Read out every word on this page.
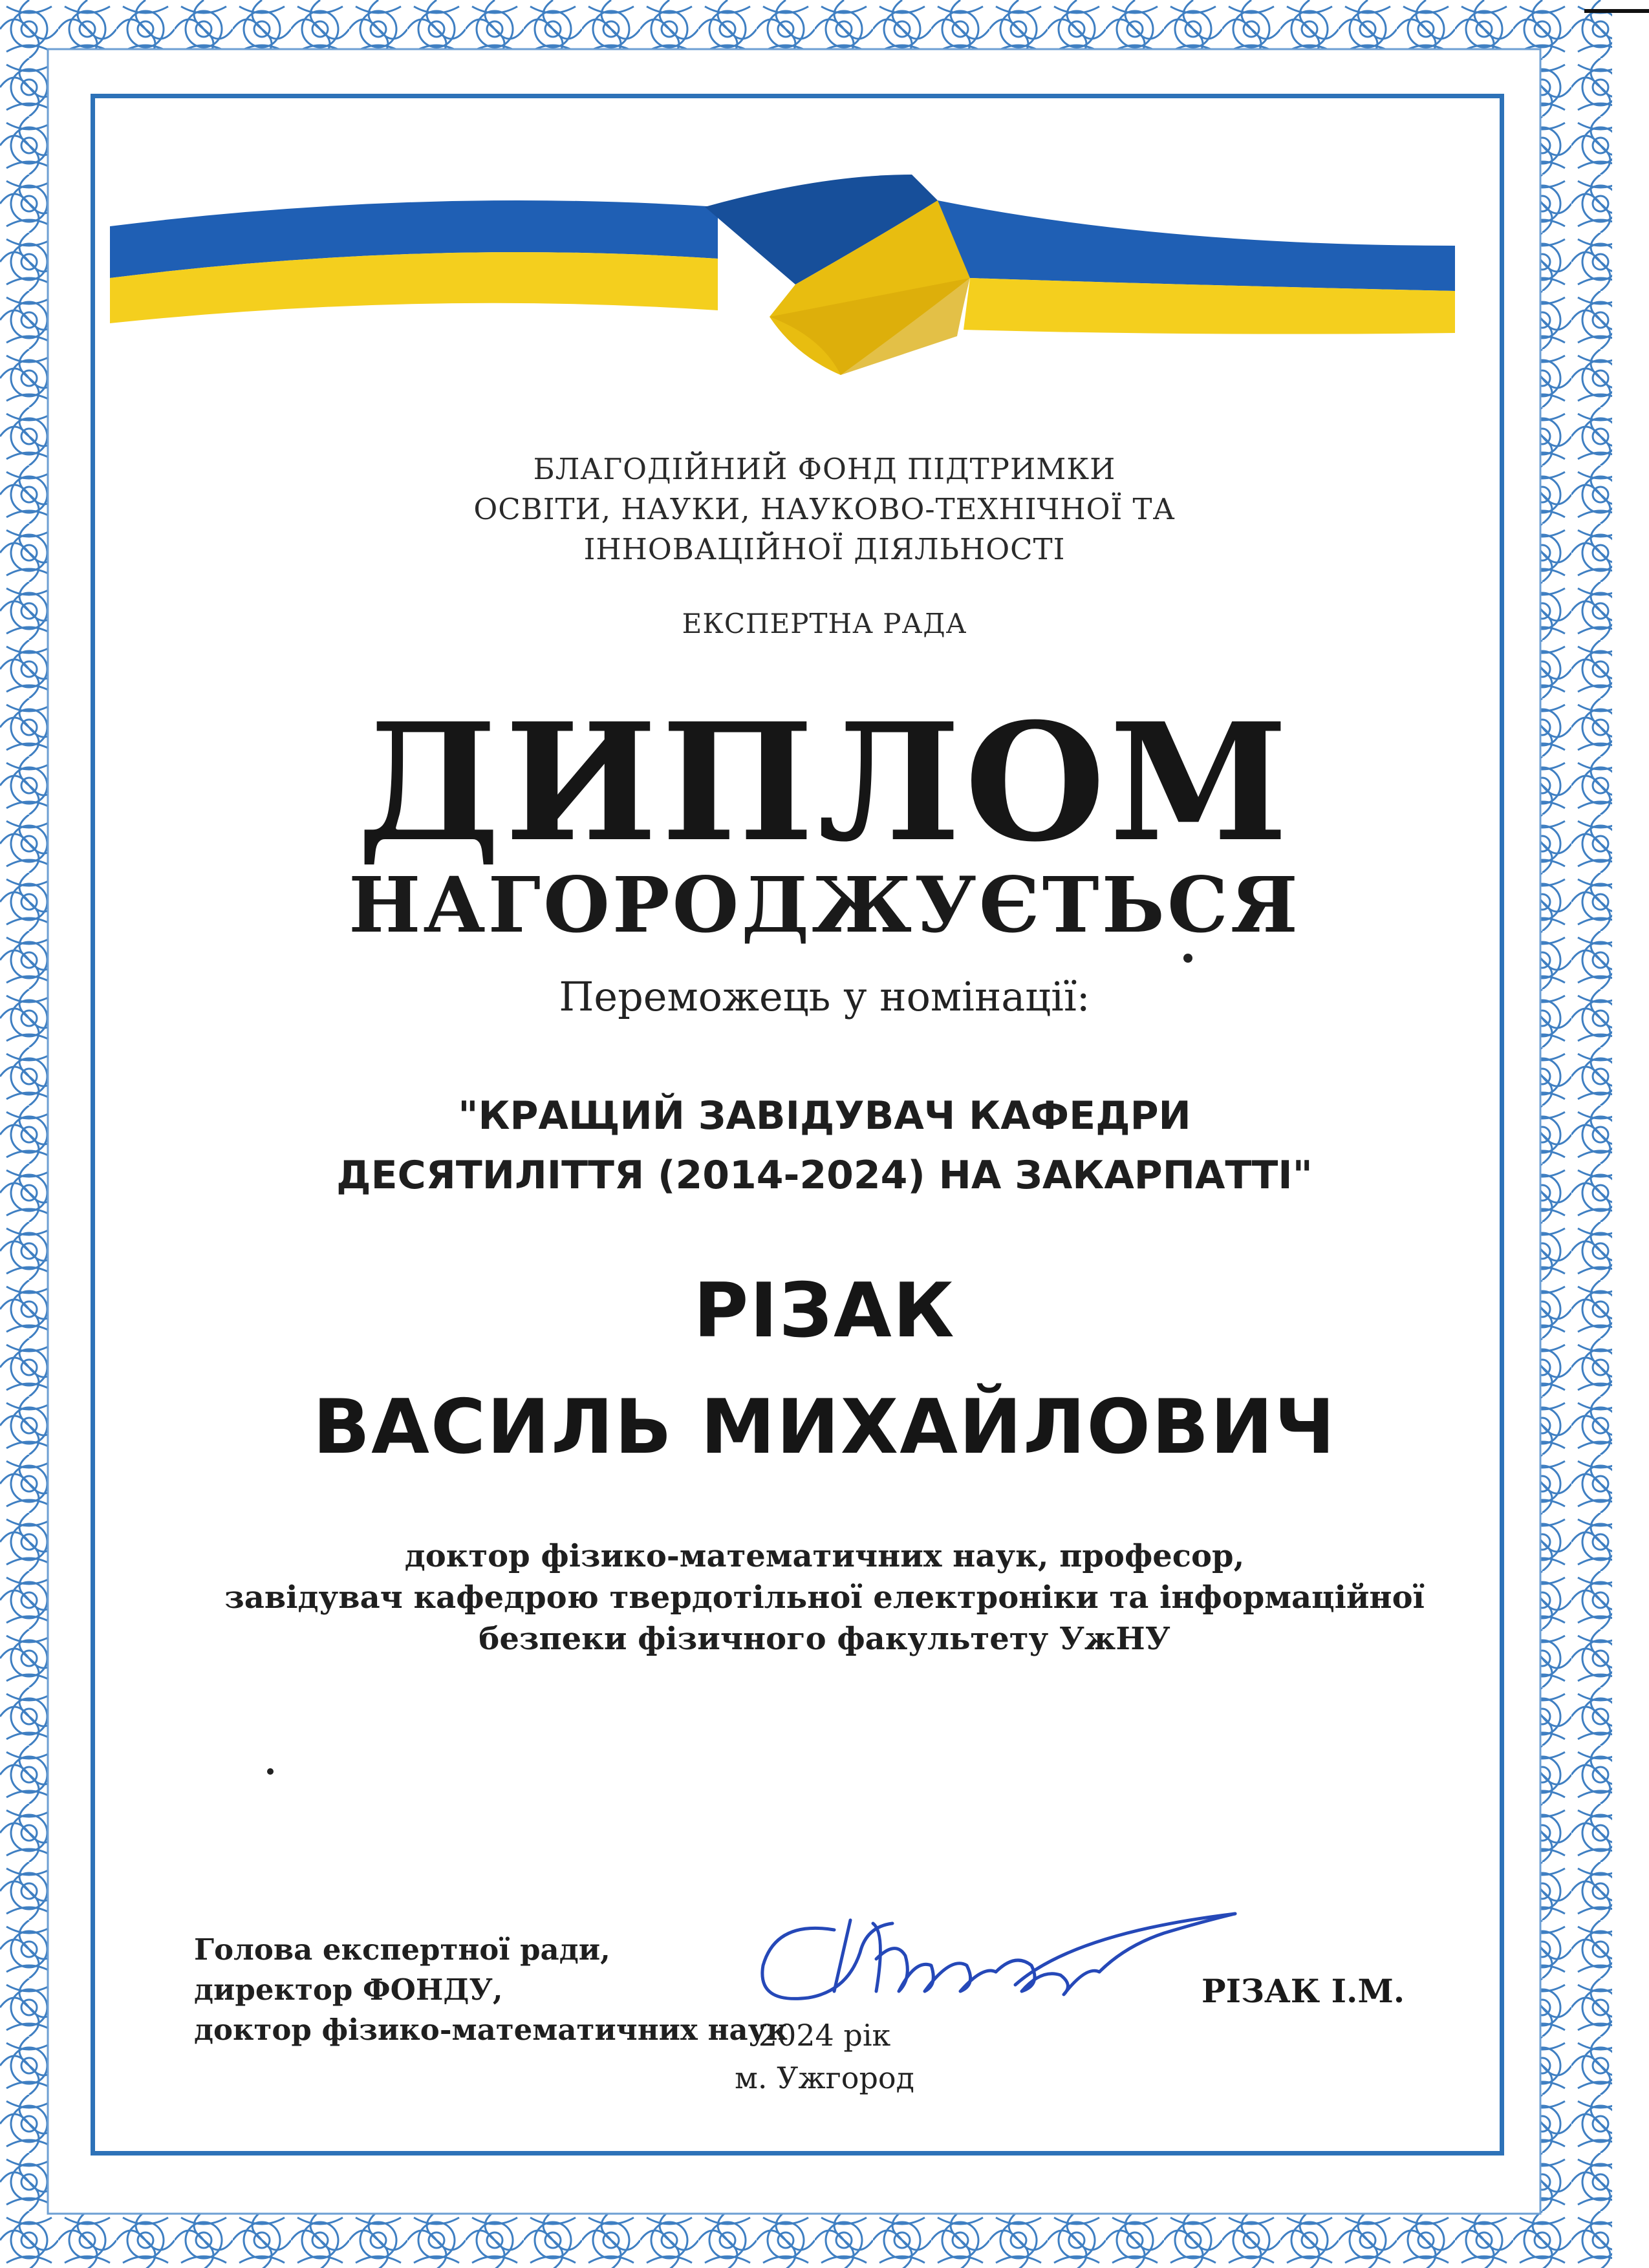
БЛАГОДІЙНИЙ ФОНД ПІДТРИМКИ
ОСВІТИ, НАУКИ, НАУКОВО-ТЕХНІЧНОЇ ТА
ІННОВАЦІЙНОЇ ДІЯЛЬНОСТІ
ЕКСПЕРТНА РАДА
ДИПЛОМ
НАГОРОДЖУЄТЬСЯ
Переможець у номінації:
"КРАЩИЙ ЗАВІДУВАЧ КАФЕДРИ
ДЕСЯТИЛІТТЯ (2014-2024) НА ЗАКАРПАТТІ"
РІЗАК
ВАСИЛЬ МИХАЙЛОВИЧ
доктор фізико-математичних наук, професор,
завідувач кафедрою твердотільної електроніки та інформаційної
безпеки фізичного факультету УжНУ
Голова експертної ради,
директор ФОНДУ,
доктор фізико-математичних наук
РІЗАК І.М.
2024 рік
м. Ужгород
